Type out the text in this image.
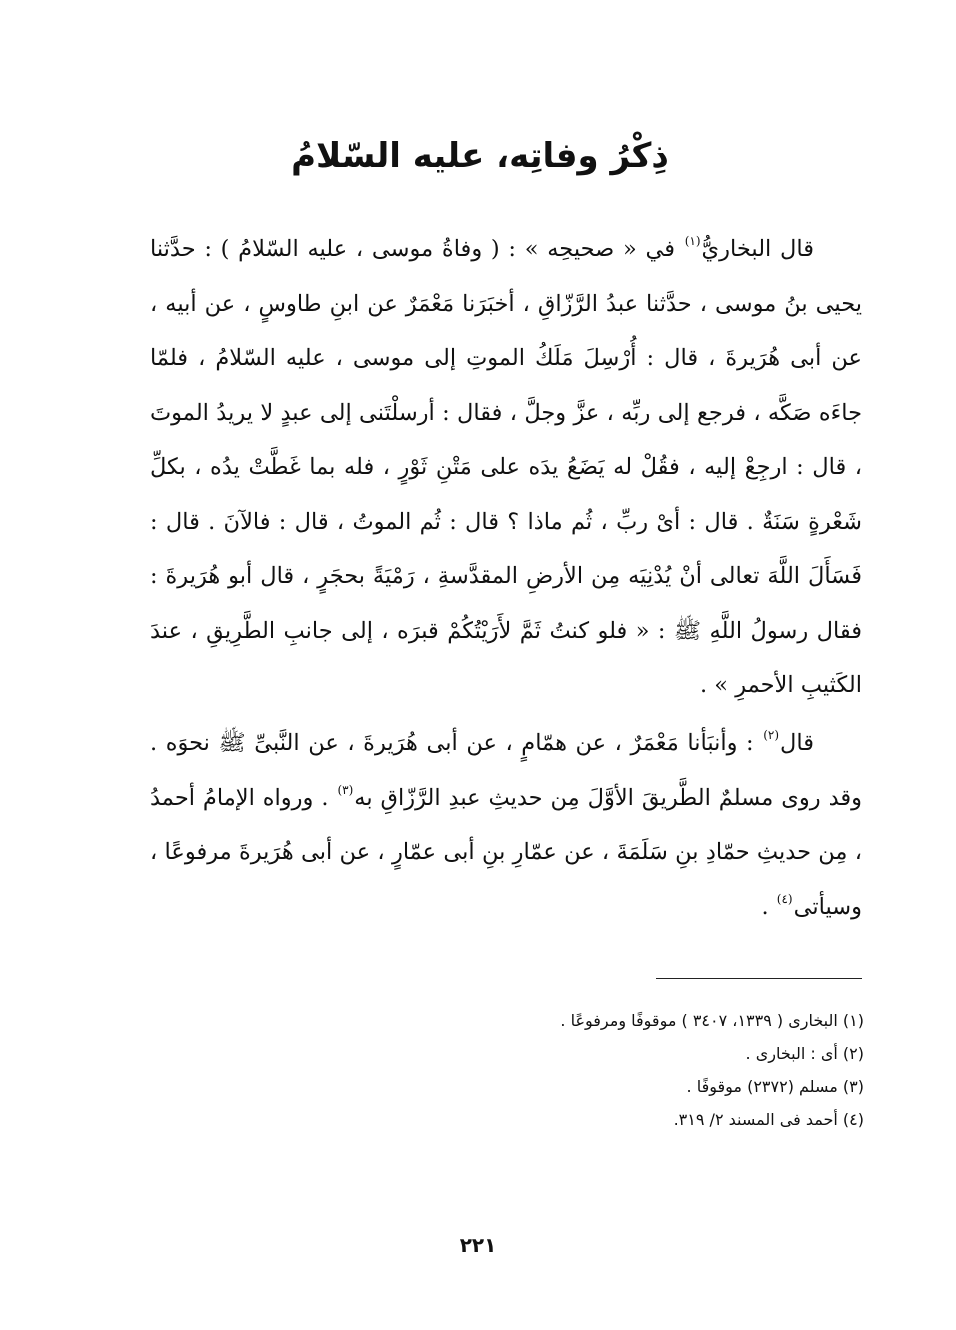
ذِكْرُ وفاتِه، عليه السّلامُ

قال البخاريُّ$^{(١)}$ في « صحيحِه » : ( وفاةُ موسى ، عليه السّلامُ ) : حدَّثنا يحيى بنُ موسى ، حدَّثنا عبدُ الرَّزّاقِ ، أخبَرَنا مَعْمَرٌ عن ابنِ طاوسٍ ، عن أبيه ، عن أبى هُرَيرةَ ، قال : أُرْسِلَ مَلَكُ الموتِ إلى موسى ، عليه السّلامُ ، فلمّا جاءَه صَكَّه ، فرجع إلى ربِّه ، عزَّ وجلَّ ، فقال : أرسلْتَنى إلى عبدٍ لا يريدُ الموتَ ، قال : ارجِعْ إليه ، فقُلْ له يَضَعُ يدَه على مَتْنِ ثَوْرٍ ، فله بما غَطَّتْ يدُه ، بكلِّ شَعْرةٍ سَنَةٌ . قال : أىْ ربِّ ، ثُم ماذا ؟ قال : ثُم الموتُ ، قال : فالآنَ . قال : فَسَأَلَ اللَّهَ تعالى أنْ يُدْنِيَه مِن الأرضِ المقدَّسةِ ، رَمْيَةً بحجَرٍ ، قال أبو هُرَيرةَ : فقال رسولُ اللَّهِ ﷺ : « فلو كنتُ ثَمَّ لأَرَيْتُكُمْ قبرَه ، إلى جانبِ الطَّرِيقِ ، عندَ الكَثيبِ الأحمرِ » .

قال$^{(٢)}$ : وأنبَأنا مَعْمَرٌ ، عن همّامٍ ، عن أبى هُرَيرةَ ، عن النَّبىِّ ﷺ نحوَه . وقد روى مسلمٌ الطَّريقَ الأوَّلَ مِن حديثِ عبدِ الرَّزّاقِ به$^{(٣)}$ . ورواه الإمامُ أحمدُ ، مِن حديثِ حمّادِ بنِ سَلَمَةَ ، عن عمّارِ بنِ أبى عمّارٍ ، عن أبى هُرَيرةَ مرفوعًا ، وسيأتى$^{(٤)}$ .

(١) البخارى ( ١٣٣٩، ٣٤٠٧ ) موقوفًا ومرفوعًا .
(٢) أى : البخارى .
(٣) مسلم (٢٣٧٢) موقوفًا .
(٤) أحمد فى المسند ٢/ ٣١٩.
٢٢١
